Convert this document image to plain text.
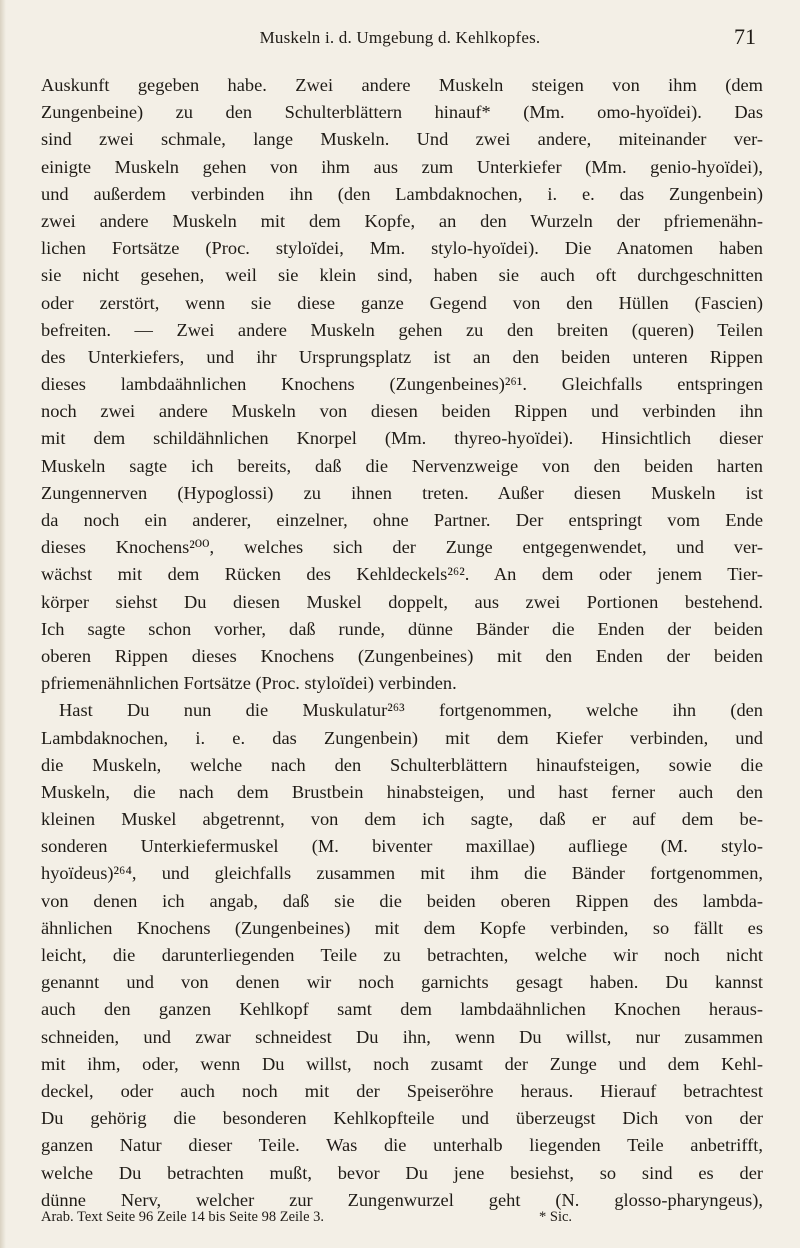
Muskeln i. d. Umgebung d. Kehlkopfes.	71
Auskunft gegeben habe. Zwei andere Muskeln steigen von ihm (dem
Zungenbeine) zu den Schulterblättern hinauf* (Mm. omo-hyoïdei). Das
sind zwei schmale, lange Muskeln. Und zwei andere, miteinander ver-
einigte Muskeln gehen von ihm aus zum Unterkiefer (Mm. genio-hyoïdei),
und außerdem verbinden ihn (den Lambdaknochen, i. e. das Zungenbein)
zwei andere Muskeln mit dem Kopfe, an den Wurzeln der pfriemenähn-
lichen Fortsätze (Proc. styloïdei, Mm. stylo-hyoïdei). Die Anatomen haben
sie nicht gesehen, weil sie klein sind, haben sie auch oft durchgeschnitten
oder zerstört, wenn sie diese ganze Gegend von den Hüllen (Fascien)
befreiten. — Zwei andere Muskeln gehen zu den breiten (queren) Teilen
des Unterkiefers, und ihr Ursprungsplatz ist an den beiden unteren Rippen
dieses lambdaähnlichen Knochens (Zungenbeines)²⁶¹. Gleichfalls entspringen
noch zwei andere Muskeln von diesen beiden Rippen und verbinden ihn
mit dem schildähnlichen Knorpel (Mm. thyreo-hyoïdei). Hinsichtlich dieser
Muskeln sagte ich bereits, daß die Nervenzweige von den beiden harten
Zungennerven (Hypoglossi) zu ihnen treten. Außer diesen Muskeln ist
da noch ein anderer, einzelner, ohne Partner. Der entspringt vom Ende
dieses Knochens²⁰⁰, welches sich der Zunge entgegenwendet, und ver-
wächst mit dem Rücken des Kehldeckels²⁶². An dem oder jenem Tier-
körper siehst Du diesen Muskel doppelt, aus zwei Portionen bestehend.
Ich sagte schon vorher, daß runde, dünne Bänder die Enden der beiden
oberen Rippen dieses Knochens (Zungenbeines) mit den Enden der beiden
pfriemenähnlichen Fortsätze (Proc. styloïdei) verbinden.
Hast Du nun die Muskulatur²⁶³ fortgenommen, welche ihn (den
Lambdaknochen, i. e. das Zungenbein) mit dem Kiefer verbinden, und
die Muskeln, welche nach den Schulterblättern hinaufsteigen, sowie die
Muskeln, die nach dem Brustbein hinabsteigen, und hast ferner auch den
kleinen Muskel abgetrennt, von dem ich sagte, daß er auf dem be-
sonderen Unterkiefermuskel (M. biventer maxillae) aufliege (M. stylo-
hyoïdeus)²⁶⁴, und gleichfalls zusammen mit ihm die Bänder fortgenommen,
von denen ich angab, daß sie die beiden oberen Rippen des lambda-
ähnlichen Knochens (Zungenbeines) mit dem Kopfe verbinden, so fällt es
leicht, die darunterliegenden Teile zu betrachten, welche wir noch nicht
genannt und von denen wir noch garnichts gesagt haben. Du kannst
auch den ganzen Kehlkopf samt dem lambdaähnlichen Knochen heraus-
schneiden, und zwar schneidest Du ihn, wenn Du willst, nur zusammen
mit ihm, oder, wenn Du willst, noch zusamt der Zunge und dem Kehl-
deckel, oder auch noch mit der Speiseröhre heraus. Hierauf betrachtest
Du gehörig die besonderen Kehlkopfteile und überzeugst Dich von der
ganzen Natur dieser Teile. Was die unterhalb liegenden Teile anbetrifft,
welche Du betrachten mußt, bevor Du jene besiehst, so sind es der
dünne Nerv, welcher zur Zungenwurzel geht (N. glosso-pharyngeus),
Arab. Text Seite 96 Zeile 14 bis Seite 98 Zeile 3.	* Sic.
